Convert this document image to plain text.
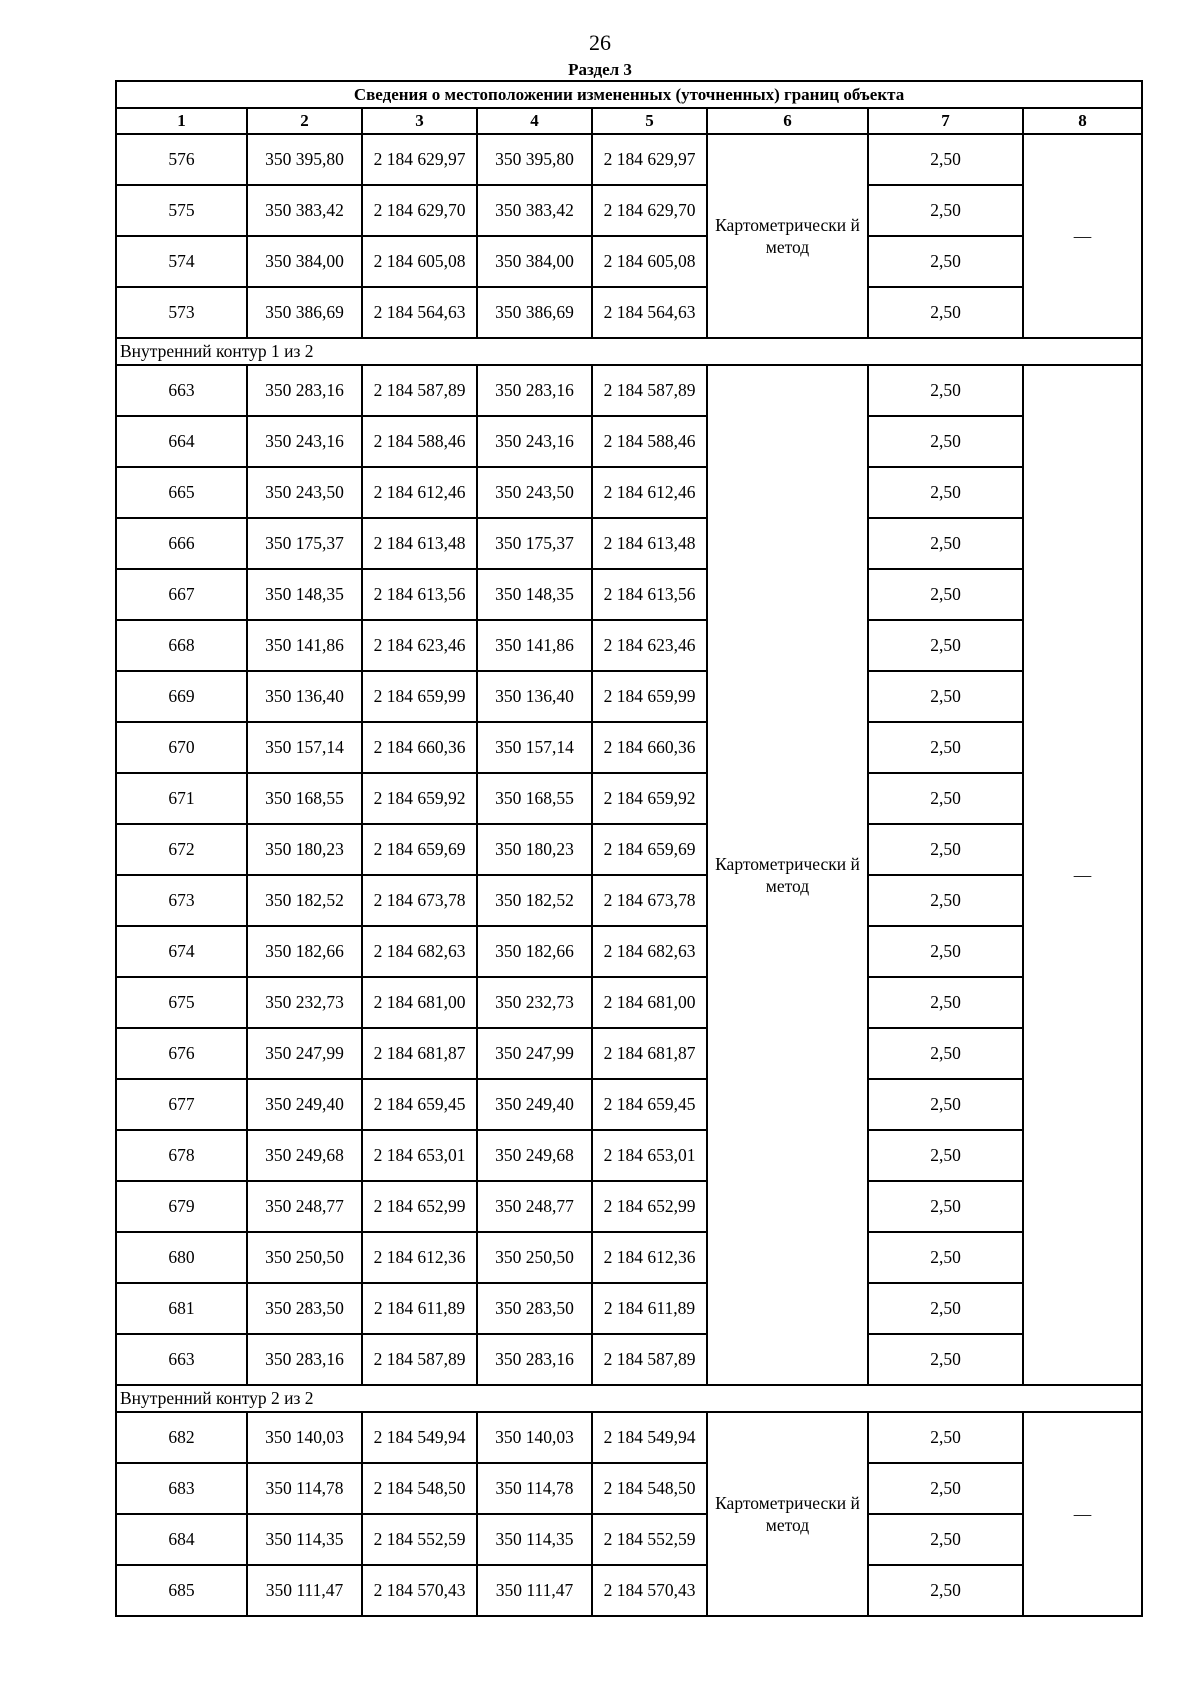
26
Раздел 3
Сведения о местоположении измененных (уточненных) границ объекта							
1	2	3	4	5	6	7	8
576	350 395,80	2 184 629,97	350 395,80	2 184 629,97	Картометрически й метод	2,50	—
575	350 383,42	2 184 629,70	350 383,42	2 184 629,70		2,50	
574	350 384,00	2 184 605,08	350 384,00	2 184 605,08		2,50	
573	350 386,69	2 184 564,63	350 386,69	2 184 564,63		2,50	
Внутренний контур 1 из 2							
663	350 283,16	2 184 587,89	350 283,16	2 184 587,89	Картометрически й метод	2,50	—
664	350 243,16	2 184 588,46	350 243,16	2 184 588,46		2,50	
665	350 243,50	2 184 612,46	350 243,50	2 184 612,46		2,50	
666	350 175,37	2 184 613,48	350 175,37	2 184 613,48		2,50	
667	350 148,35	2 184 613,56	350 148,35	2 184 613,56		2,50	
668	350 141,86	2 184 623,46	350 141,86	2 184 623,46		2,50	
669	350 136,40	2 184 659,99	350 136,40	2 184 659,99		2,50	
670	350 157,14	2 184 660,36	350 157,14	2 184 660,36		2,50	
671	350 168,55	2 184 659,92	350 168,55	2 184 659,92		2,50	
672	350 180,23	2 184 659,69	350 180,23	2 184 659,69		2,50	
673	350 182,52	2 184 673,78	350 182,52	2 184 673,78		2,50	
674	350 182,66	2 184 682,63	350 182,66	2 184 682,63		2,50	
675	350 232,73	2 184 681,00	350 232,73	2 184 681,00		2,50	
676	350 247,99	2 184 681,87	350 247,99	2 184 681,87		2,50	
677	350 249,40	2 184 659,45	350 249,40	2 184 659,45		2,50	
678	350 249,68	2 184 653,01	350 249,68	2 184 653,01		2,50	
679	350 248,77	2 184 652,99	350 248,77	2 184 652,99		2,50	
680	350 250,50	2 184 612,36	350 250,50	2 184 612,36		2,50	
681	350 283,50	2 184 611,89	350 283,50	2 184 611,89		2,50	
663	350 283,16	2 184 587,89	350 283,16	2 184 587,89		2,50	
Внутренний контур 2 из 2							
682	350 140,03	2 184 549,94	350 140,03	2 184 549,94	Картометрически й метод	2,50	—
683	350 114,78	2 184 548,50	350 114,78	2 184 548,50		2,50	
684	350 114,35	2 184 552,59	350 114,35	2 184 552,59		2,50	
685	350 111,47	2 184 570,43	350 111,47	2 184 570,43		2,50	
